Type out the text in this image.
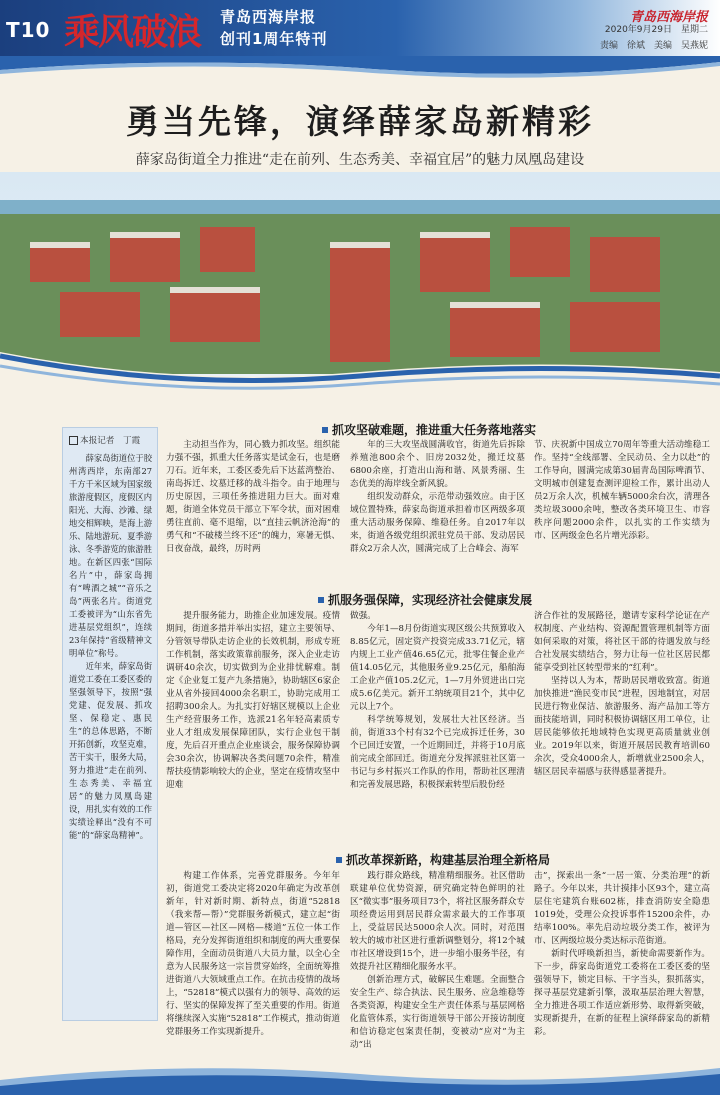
T10 乘风破浪 青岛西海岸报
创刊1周年特刊
青岛西海岸报
2020年9月29日　星期二
责编　徐斌　美编　吴燕妮
勇当先锋，演绎薛家岛新精彩
薛家岛街道全力推进“走在前列、生态秀美、幸福宜居”的魅力凤凰岛建设
本报记者　丁霞

薛家岛街道位于胶州湾西岸，东南部27千方千米区域为国家级旅游度假区，度假区内阳光、大海、沙滩、绿地交相辉映，是海上游乐、陆地游玩、夏季游泳、冬季游览的旅游胜地。在新区四张“国际名片”中，薛家岛拥有“啤酒之城”“音乐之岛”两张名片。街道党工委被评为“山东省先进基层党组织”，连续23年保持“省级精神文明单位”称号。

近年来，薛家岛街道党工委在工委区委的坚强领导下，按照“强党建、促发展、抓攻坚、保稳定、惠民生”的总体思路，不断开拓创新，攻坚克难，苦干实干，服务大局，努力推进“走在前列、生态秀美、幸福宜居”的魅力凤凰岛建设，用扎实有效的工作实绩诠释出“没有不可能”的“薛家岛精神”。

抓攻坚破难题，推进重大任务落地落实

主动担当作为，同心戮力抓攻坚。组织能力强不强，抓重大任务落实是试金石，也是磨刀石。近年来，工委区委先后下达蓝湾整治、南岛拆迁、坟墓迁移的战斗指令。由于地理与历史原因，三项任务推进阻力巨大。面对难题，街道全体党员干部立下军令状，面对困难勇往直前、毫不退缩，以“直挂云帆济沧海”的勇气和“不破楼兰终不还”的魄力，寒暑无惧、日夜奋战，最终，历时两

年的三大攻坚战圆满收官，街道先后拆除养殖池800余个、旧房2032处，搬迁坟墓6800余座，打造出山海和谐、风景秀丽、生态优美的海岸线全新风貌。

组织发动群众，示范带动强效应。由于区域位置特殊，薛家岛街道承担着市区两级多项重大活动服务保障、维稳任务。自2017年以来，街道各级党组织派驻党员干部、发动居民群众2万余人次，圆满完成了上合峰会、海军

节、庆祝新中国成立70周年等重大活动维稳工作。坚持“全线部署、全民动员、全力以赴”的工作导向，圆满完成第30届青岛国际啤酒节、文明城市创建复查测评迎检工作，累计出动人员2万余人次，机械车辆5000余台次，清理各类垃圾3000余吨，整改各类环境卫生、市容秩序问题2000余件，以扎实的工作实绩为市、区两级金色名片增光添彩。

抓服务强保障，实现经济社会健康发展

提升服务能力，助推企业加速发展。疫情期间，街道多措并举出实招，建立主要领导、分管领导带队走访企业的长效机制，形成专班工作机制，落实政策靠前服务，深入企业走访调研40余次，切实做到为企业排忧解难。制定《企业复工复产九条措施》，协助辖区6家企业从省外接回4000余名职工，协助完成用工招聘300余人。为扎实打好辖区规模以上企业生产经营服务工作，选派21名年轻高素质专业人才组成发展保障团队，实行企业包干制度，先后召开重点企业座谈会，服务保障协调会30余次，协调解决各类问题70余件，精准帮扶疫情影响较大的企业，坚定在疫情攻坚中迎难

做强。

今年1—8月份街道实现区级公共预算收入8.85亿元，固定资产投资完成33.71亿元，辖内规上工业产值46.65亿元，批零住餐企业产值14.05亿元，其他服务业9.25亿元，船舶海工企业产值105.2亿元，1—7月外贸进出口完成5.6亿美元。新开工纳统项目21个，其中亿元以上7个。

科学统筹规划，发展壮大社区经济。当前，街道33个村有32个已完成拆迁任务，30个已回迁安置，一个近期回迁，并将于10月底前完成全部回迁。街道充分发挥派驻社区第一书记与乡村振兴工作队的作用，帮助社区理清和完善发展思路，积极探索转型后股份经

济合作社的发展路径，邀请专家科学论证在产权制度、产业结构、资源配置管理机制等方面如何采取的对策，将社区干部的待遇发放与经合社发展实绩结合，努力让每一位社区居民都能享受到社区转型带来的“红利”。

坚持以人为本，帮助居民增收致富。街道加快推进“渔民变市民”进程，因地制宜，对居民进行物业保洁、旅游服务、海产品加工等方面技能培训，同时积极协调辖区用工单位，让居民能够依托地域特色实现更高质量就业创业。2019年以来，街道开展居民教育培训60余次，受众4000余人，新增就业2500余人，辖区居民幸福感与获得感显著提升。

抓改革探新路，构建基层治理全新格局

构建工作体系，完善党群服务。今年年初，街道党工委决定将2020年确定为改革创新年，针对新时期、新特点，街道“52818（我来帮—帮）”党群服务新模式，建立起“街道—管区—社区—网格—楼道”五位一体工作格局，充分发挥街道组织和制度的两大重要保障作用，全面动员街道八大员力量，以全心全意为人民服务这一宗旨贯穿始终，全面统筹推进街道八大领域重点工作。在抗击疫情的战场上，“52818”模式以强有力的领导、高效的运行、坚实的保障发挥了至关重要的作用。街道将继续深入实施“52818”工作模式，推动街道党群服务工作实现新提升。

践行群众路线，精准精细服务。社区借助联建单位优势资源，研究确定特色鲜明的社区“微实事”服务项目73个，将社区服务群众专项经费运用到居民群众需求最大的工作事项上，受益居民达5000余人次。同时，对范围较大的城市社区进行重新调整划分，将12个城市社区增设到15个，进一步缩小服务半径，有效提升社区精细化服务水平。

创新治理方式，破解民生难题。全面整合安全生产、综合执法、民生服务、应急维稳等各类资源，构建安全生产责任体系与基层网格化监管体系，实行街道领导干部公开接访制度和信访稳定包案责任制，变被动“应对”为主动“出

击”，探索出一条“一居一策、分类治理”的新路子。今年以来，共计摸排小区93个，建立高层住宅建筑台账602栋，排查消防安全隐患1019处，受理公众投诉事件15200余件，办结率100%。率先启动垃圾分类工作，被评为市、区两级垃圾分类达标示范街道。

新时代呼唤新担当，新使命需要新作为。下一步，薛家岛街道党工委将在工委区委的坚强领导下，锁定目标、干字当头，狠抓落实，探寻基层党建新引擎，汲取基层治理大智慧，全力推进各项工作适应新形势、取得新突破，实现新提升，在新的征程上演绎薛家岛的新精彩。
